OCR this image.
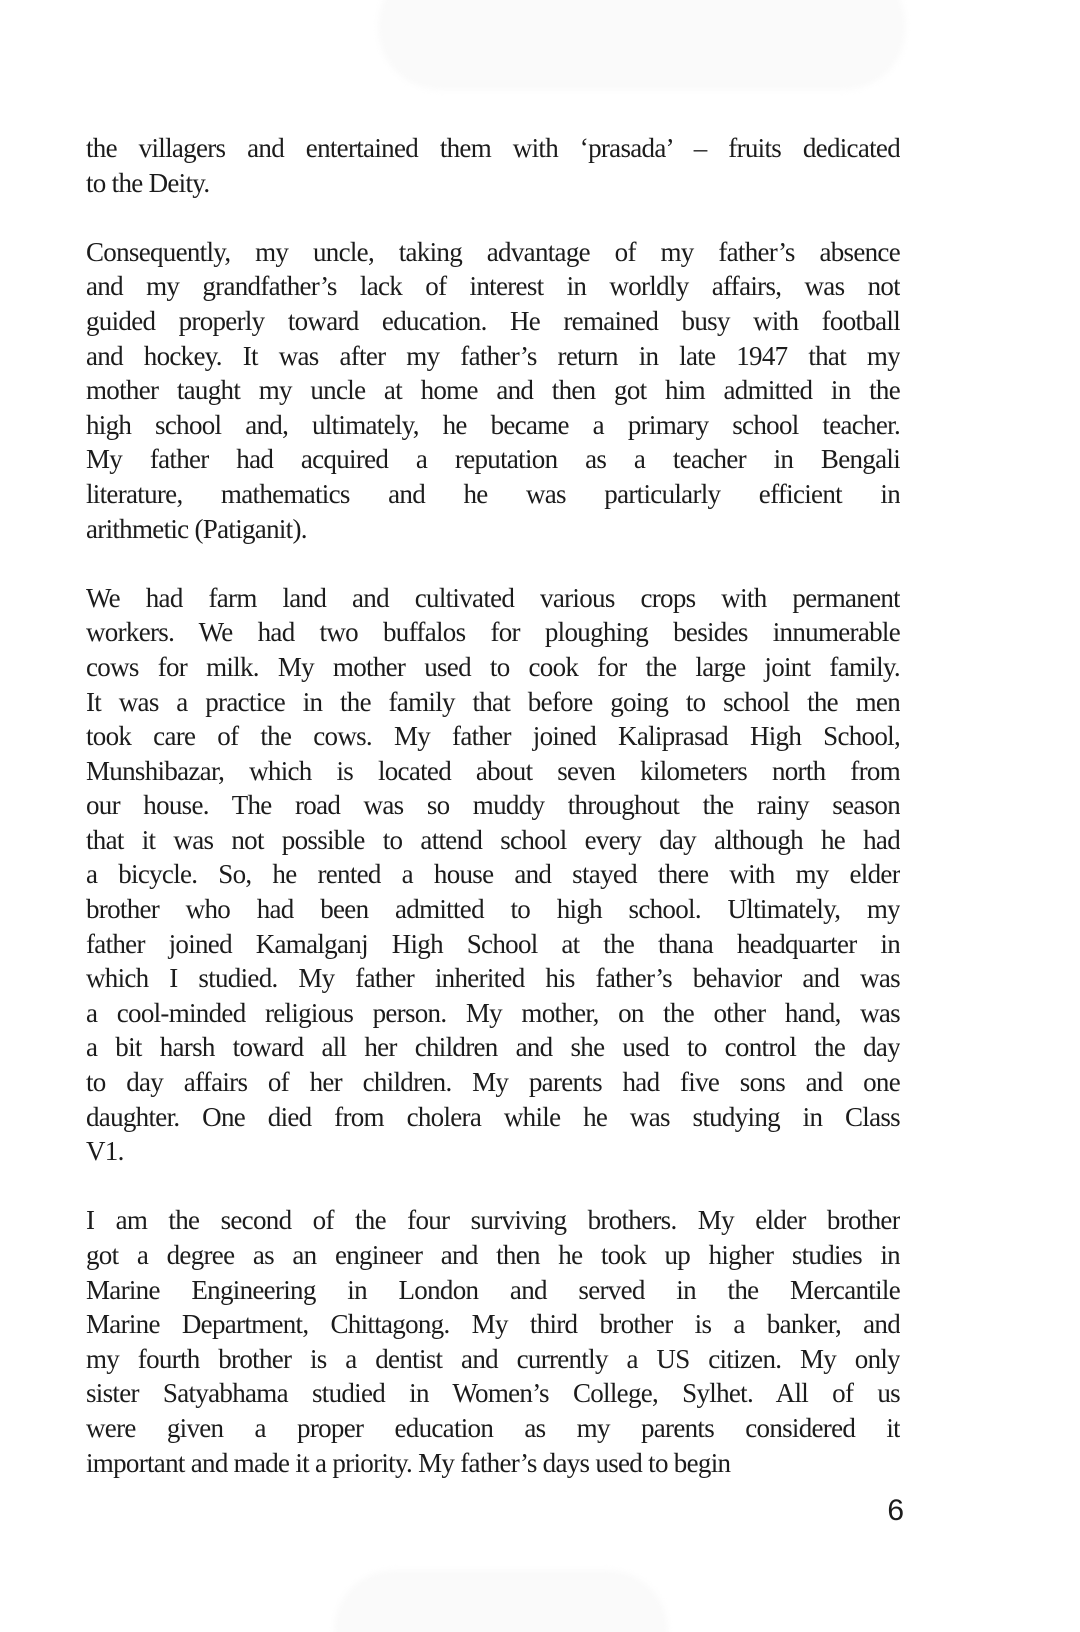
the villagers and entertained them with ‘prasada’ – fruits dedicated
to the Deity.
Consequently, my uncle, taking advantage of my father’s absence
and my grandfather’s lack of interest in worldly affairs, was not
guided properly toward education. He remained busy with football
and hockey. It was after my father’s return in late 1947 that my
mother taught my uncle at home and then got him admitted in the
high school and, ultimately, he became a primary school teacher.
My father had acquired a reputation as a teacher in Bengali
literature, mathematics and he was particularly efficient in
arithmetic (Patiganit).
We had farm land and cultivated various crops with permanent
workers. We had two buffalos for ploughing besides innumerable
cows for milk. My mother used to cook for the large joint family.
It was a practice in the family that before going to school the men
took care of the cows. My father joined Kaliprasad High School,
Munshibazar, which is located about seven kilometers north from
our house. The road was so muddy throughout the rainy season
that it was not possible to attend school every day although he had
a bicycle. So, he rented a house and stayed there with my elder
brother who had been admitted to high school. Ultimately, my
father joined Kamalganj High School at the thana headquarter in
which I studied. My father inherited his father’s behavior and was
a cool-minded religious person. My mother, on the other hand, was
a bit harsh toward all her children and she used to control the day
to day affairs of her children. My parents had five sons and one
daughter. One died from cholera while he was studying in Class
V1.
I am the second of the four surviving brothers. My elder brother
got a degree as an engineer and then he took up higher studies in
Marine Engineering in London and served in the Mercantile
Marine Department, Chittagong. My third brother is a banker, and
my fourth brother is a dentist and currently a US citizen. My only
sister Satyabhama studied in Women’s College, Sylhet. All of us
were given a proper education as my parents considered it
important and made it a priority. My father’s days used to begin
6
